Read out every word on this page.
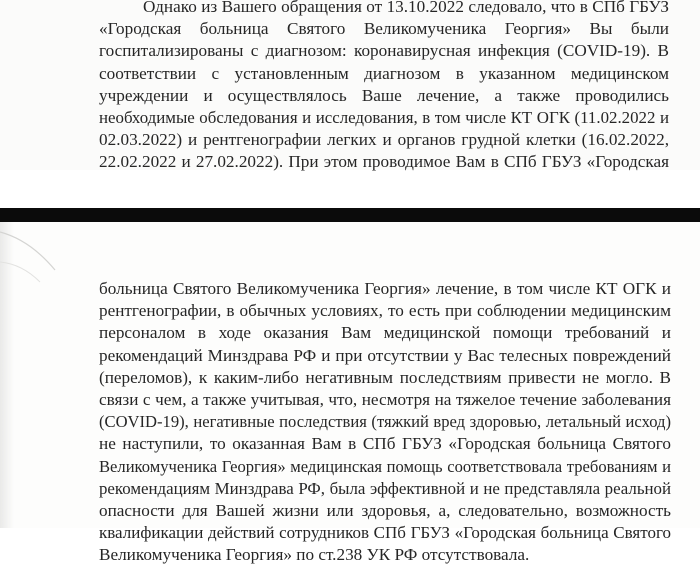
Однако из Вашего обращения от 13.10.2022 следовало, что в СПб ГБУЗ
«Городская больница Святого Великомученика Георгия» Вы были
госпитализированы с диагнозом: коронавирусная инфекция (COVID-19). В
соответствии с установленным диагнозом в указанном медицинском
учреждении и осуществлялось Ваше лечение, а также проводились
необходимые обследования и исследования, в том числе КТ ОГК (11.02.2022 и
02.03.2022) и рентгенографии легких и органов грудной клетки (16.02.2022,
22.02.2022 и 27.02.2022). При этом проводимое Вам в СПб ГБУЗ «Городская
больница Святого Великомученика Георгия» лечение, в том числе КТ ОГК и
рентгенографии, в обычных условиях, то есть при соблюдении медицинским
персоналом в ходе оказания Вам медицинской помощи требований и
рекомендаций Минздрава РФ и при отсутствии у Вас телесных повреждений
(переломов), к каким-либо негативным последствиям привести не могло. В
связи с чем, а также учитывая, что, несмотря на тяжелое течение заболевания
(COVID-19), негативные последствия (тяжкий вред здоровью, летальный исход)
не наступили, то оказанная Вам в СПб ГБУЗ «Городская больница Святого
Великомученика Георгия» медицинская помощь соответствовала требованиям и
рекомендациям Минздрава РФ, была эффективной и не представляла реальной
опасности для Вашей жизни или здоровья, а, следовательно, возможность
квалификации действий сотрудников СПб ГБУЗ «Городская больница Святого
Великомученика Георгия» по ст.238 УК РФ отсутствовала.
